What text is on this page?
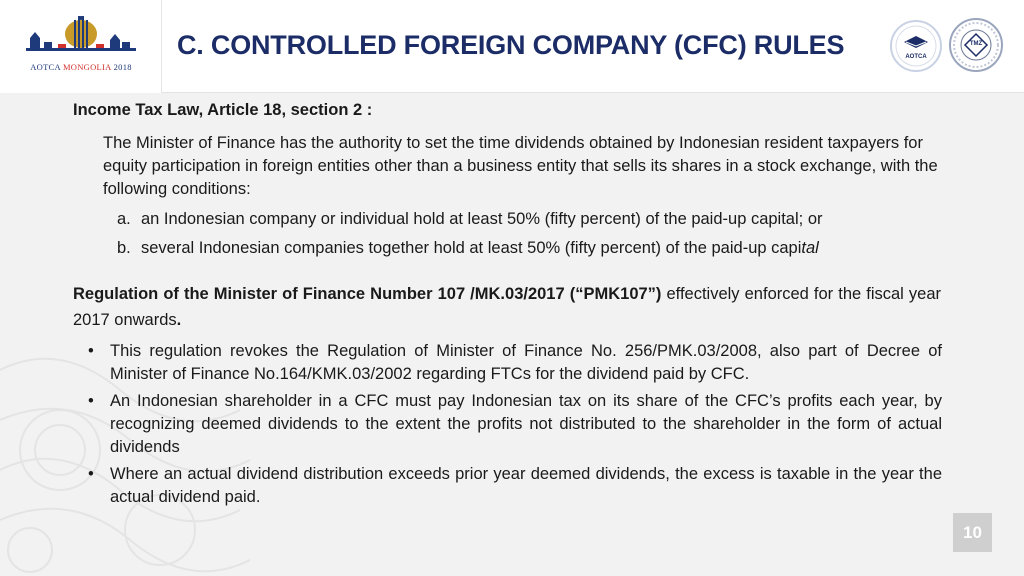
AOTCA MONGOLIA 2018
C. CONTROLLED FOREIGN COMPANY (CFC) RULES	AOTCA
TMZ
Income Tax Law, Article 18, section 2 :
The Minister of Finance has the authority to set the time dividends obtained by Indonesian resident taxpayers for equity participation in foreign entities other than a business entity that sells its shares in a stock exchange, with the following conditions:
a. an Indonesian company or individual hold at least 50% (fifty percent) of the paid-up capital; or
b. several Indonesian companies together hold at least 50% (fifty percent) of the paid-up capital
Regulation of the Minister of Finance Number 107 /MK.03/2017 (“PMK107”) effectively enforced for the fiscal year 2017 onwards.
• This regulation revokes the Regulation of Minister of Finance No. 256/PMK.03/2008, also part of Decree of Minister of Finance No.164/KMK.03/2002 regarding FTCs for the dividend paid by CFC.
• An Indonesian shareholder in a CFC must pay Indonesian tax on its share of the CFC’s profits each year, by recognizing deemed dividends to the extent the profits not distributed to the shareholder in the form of actual dividends
• Where an actual dividend distribution exceeds prior year deemed dividends, the excess is taxable in the year the actual dividend paid.
10
